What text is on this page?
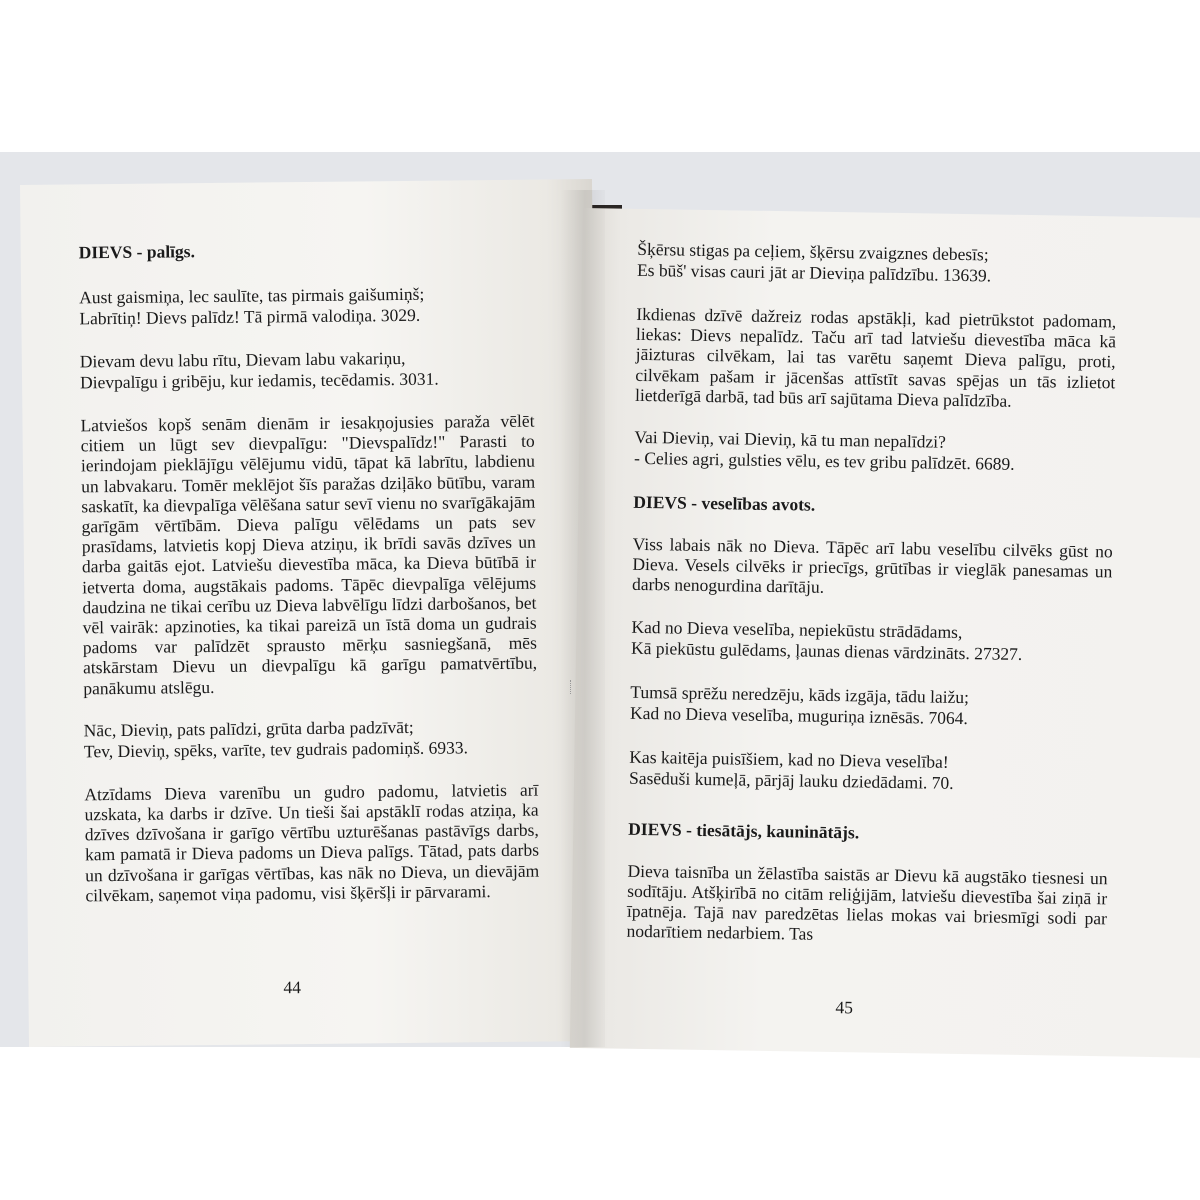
DIEVS - palīgs.

Aust gaismiņa, lec saulīte, tas pirmais gaišumiņš;
Labrītiņ! Dievs palīdz! Tā pirmā valodiņa. 3029.

Dievam devu labu rītu, Dievam labu vakariņu,
Dievpalīgu i gribēju, kur iedamis, tecēdamis. 3031.

Latviešos kopš senām dienām ir iesakņojusies paraža vēlēt citiem un lūgt sev dievpalīgu: "Dievspalīdz!" Parasti to ierindojam pieklājīgu vēlējumu vidū, tāpat kā labrītu, labdienu un labvakaru. Tomēr meklējot šīs paražas dziļāko būtību, varam saskatīt, ka dievpalīga vēlēšana satur sevī vienu no svarīgākajām garīgām vērtībām. Dieva palīgu vēlēdams un pats sev prasīdams, latvietis kopj Dieva atziņu, ik brīdi savās dzīves un darba gaitās ejot. Latviešu dievestība māca, ka Dieva būtībā ir ietverta doma, augstākais padoms. Tāpēc dievpalīga vēlējums daudzina ne tikai cerību uz Dieva labvēlīgu līdzi darbošanos, bet vēl vairāk: apzinoties, ka tikai pareizā un īstā doma un gudrais padoms var palīdzēt sprausto mērķu sasniegšanā, mēs atskārstam Dievu un dievpalīgu kā garīgu pamatvērtību, panākumu atslēgu.

Nāc, Dieviņ, pats palīdzi, grūta darba padzīvāt;
Tev, Dieviņ, spēks, varīte, tev gudrais padomiņš. 6933.

Atzīdams Dieva varenību un gudro padomu, latvietis arī uzskata, ka darbs ir dzīve. Un tieši šai apstāklī rodas atziņa, ka dzīves dzīvošana ir garīgo vērtību uzturēšanas pastāvīgs darbs, kam pamatā ir Dieva padoms un Dieva palīgs. Tātad, pats darbs un dzīvošana ir garīgas vērtības, kas nāk no Dieva, un dievājām cilvēkam, saņemot viņa padomu, visi šķēršļi ir pārvarami.

44

Šķērsu stigas pa ceļiem, šķērsu zvaigznes debesīs;
Es būš' visas cauri jāt ar Dieviņa palīdzību. 13639.

Ikdienas dzīvē dažreiz rodas apstākļi, kad pietrūkstot padomam, liekas: Dievs nepalīdz. Taču arī tad latviešu dievestība māca kā jāizturas cilvēkam, lai tas varētu saņemt Dieva palīgu, proti, cilvēkam pašam ir jācenšas attīstīt savas spējas un tās izlietot lietderīgā darbā, tad būs arī sajūtama Dieva palīdzība.

Vai Dieviņ, vai Dieviņ, kā tu man nepalīdzi?
- Celies agri, gulsties vēlu, es tev gribu palīdzēt. 6689.

DIEVS - veselības avots.

Viss labais nāk no Dieva. Tāpēc arī labu veselību cilvēks gūst no Dieva. Vesels cilvēks ir priecīgs, grūtības ir vieglāk panesamas un darbs nenogurdina darītāju.

Kad no Dieva veselība, nepiekūstu strādādams,
Kā piekūstu gulēdams, ļaunas dienas vārdzināts. 27327.

Tumsā sprēžu neredzēju, kāds izgāja, tādu laižu;
Kad no Dieva veselība, muguriņa iznēsās. 7064.

Kas kaitēja puisīšiem, kad no Dieva veselība!
Sasēduši kumeļā, pārjāj lauku dziedādami. 70.

DIEVS - tiesātājs, kauninātājs.

Dieva taisnība un žēlastība saistās ar Dievu kā augstāko tiesnesi un sodītāju. Atšķirībā no citām reliģijām, latviešu dievestība šai ziņā ir īpatnēja. Tajā nav paredzētas lielas mokas vai briesmīgi sodi par nodarītiem nedarbiem. Tas

45
